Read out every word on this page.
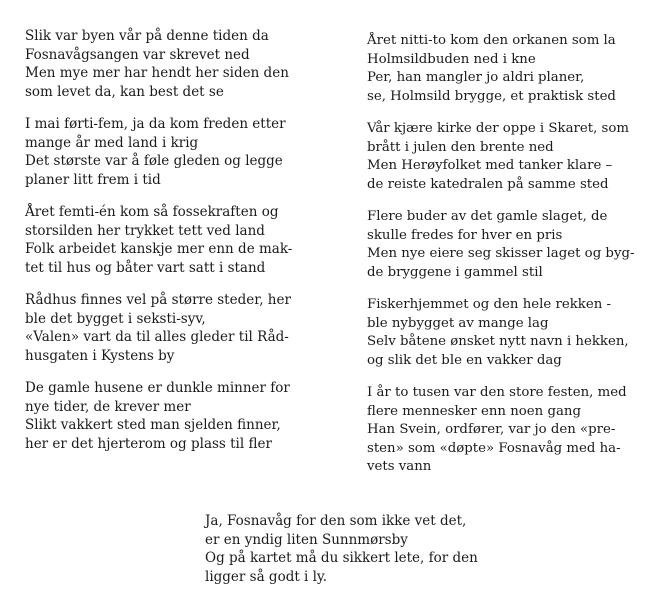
Slik var byen vår på denne tiden da
Fosnavågsangen var skrevet ned
Men mye mer har hendt her siden den
som levet da, kan best det se
I mai førti-fem, ja da kom freden etter
mange år med land i krig
Det største var å føle gleden og legge
planer litt frem i tid
Året femti-én kom så fossekraften og
storsilden her trykket tett ved land
Folk arbeidet kanskje mer enn de mak-
tet til hus og båter vart satt i stand
Rådhus finnes vel på større steder, her
ble det bygget i seksti-syv,
«Valen» vart da til alles gleder til Råd-
husgaten i Kystens by
De gamle husene er dunkle minner for
nye tider, de krever mer
Slikt vakkert sted man sjelden finner,
her er det hjerterom og plass til fler
Året nitti-to kom den orkanen som la
Holmsildbuden ned i kne
Per, han mangler jo aldri planer,
se, Holmsild brygge, et praktisk sted
Vår kjære kirke der oppe i Skaret, som
brått i julen den brente ned
Men Herøyfolket med tanker klare –
de reiste katedralen på samme sted
Flere buder av det gamle slaget, de
skulle fredes for hver en pris
Men nye eiere seg skisser laget og byg-
de bryggene i gammel stil
Fiskerhjemmet og den hele rekken -
ble nybygget av mange lag
Selv båtene ønsket nytt navn i hekken,
og slik det ble en vakker dag
I år to tusen var den store festen, med
flere mennesker enn noen gang
Han Svein, ordfører, var jo den «pre-
sten» som «døpte» Fosnavåg med ha-
vets vann
Ja, Fosnavåg for den som ikke vet det,
er en yndig liten Sunnmørsby
Og på kartet må du sikkert lete, for den
ligger så godt i ly.
